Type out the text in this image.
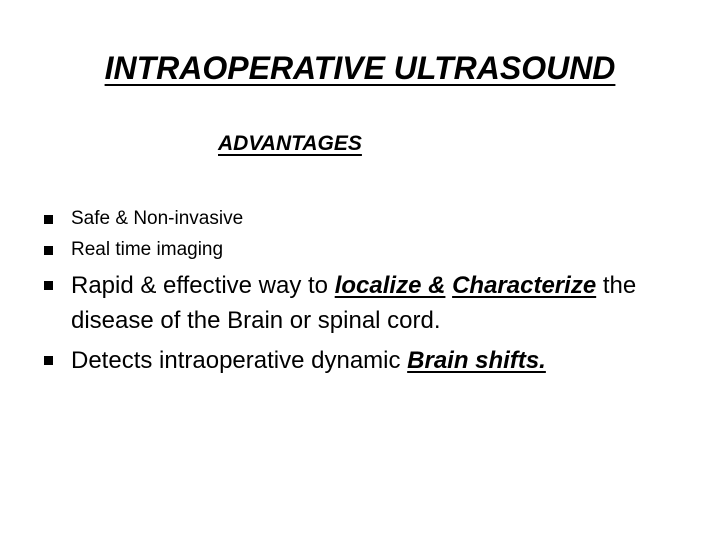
INTRAOPERATIVE ULTRASOUND
ADVANTAGES
Safe & Non-invasive
Real time imaging
Rapid & effective way to localize & Characterize the disease of the Brain or spinal cord.
Detects intraoperative dynamic Brain shifts.
